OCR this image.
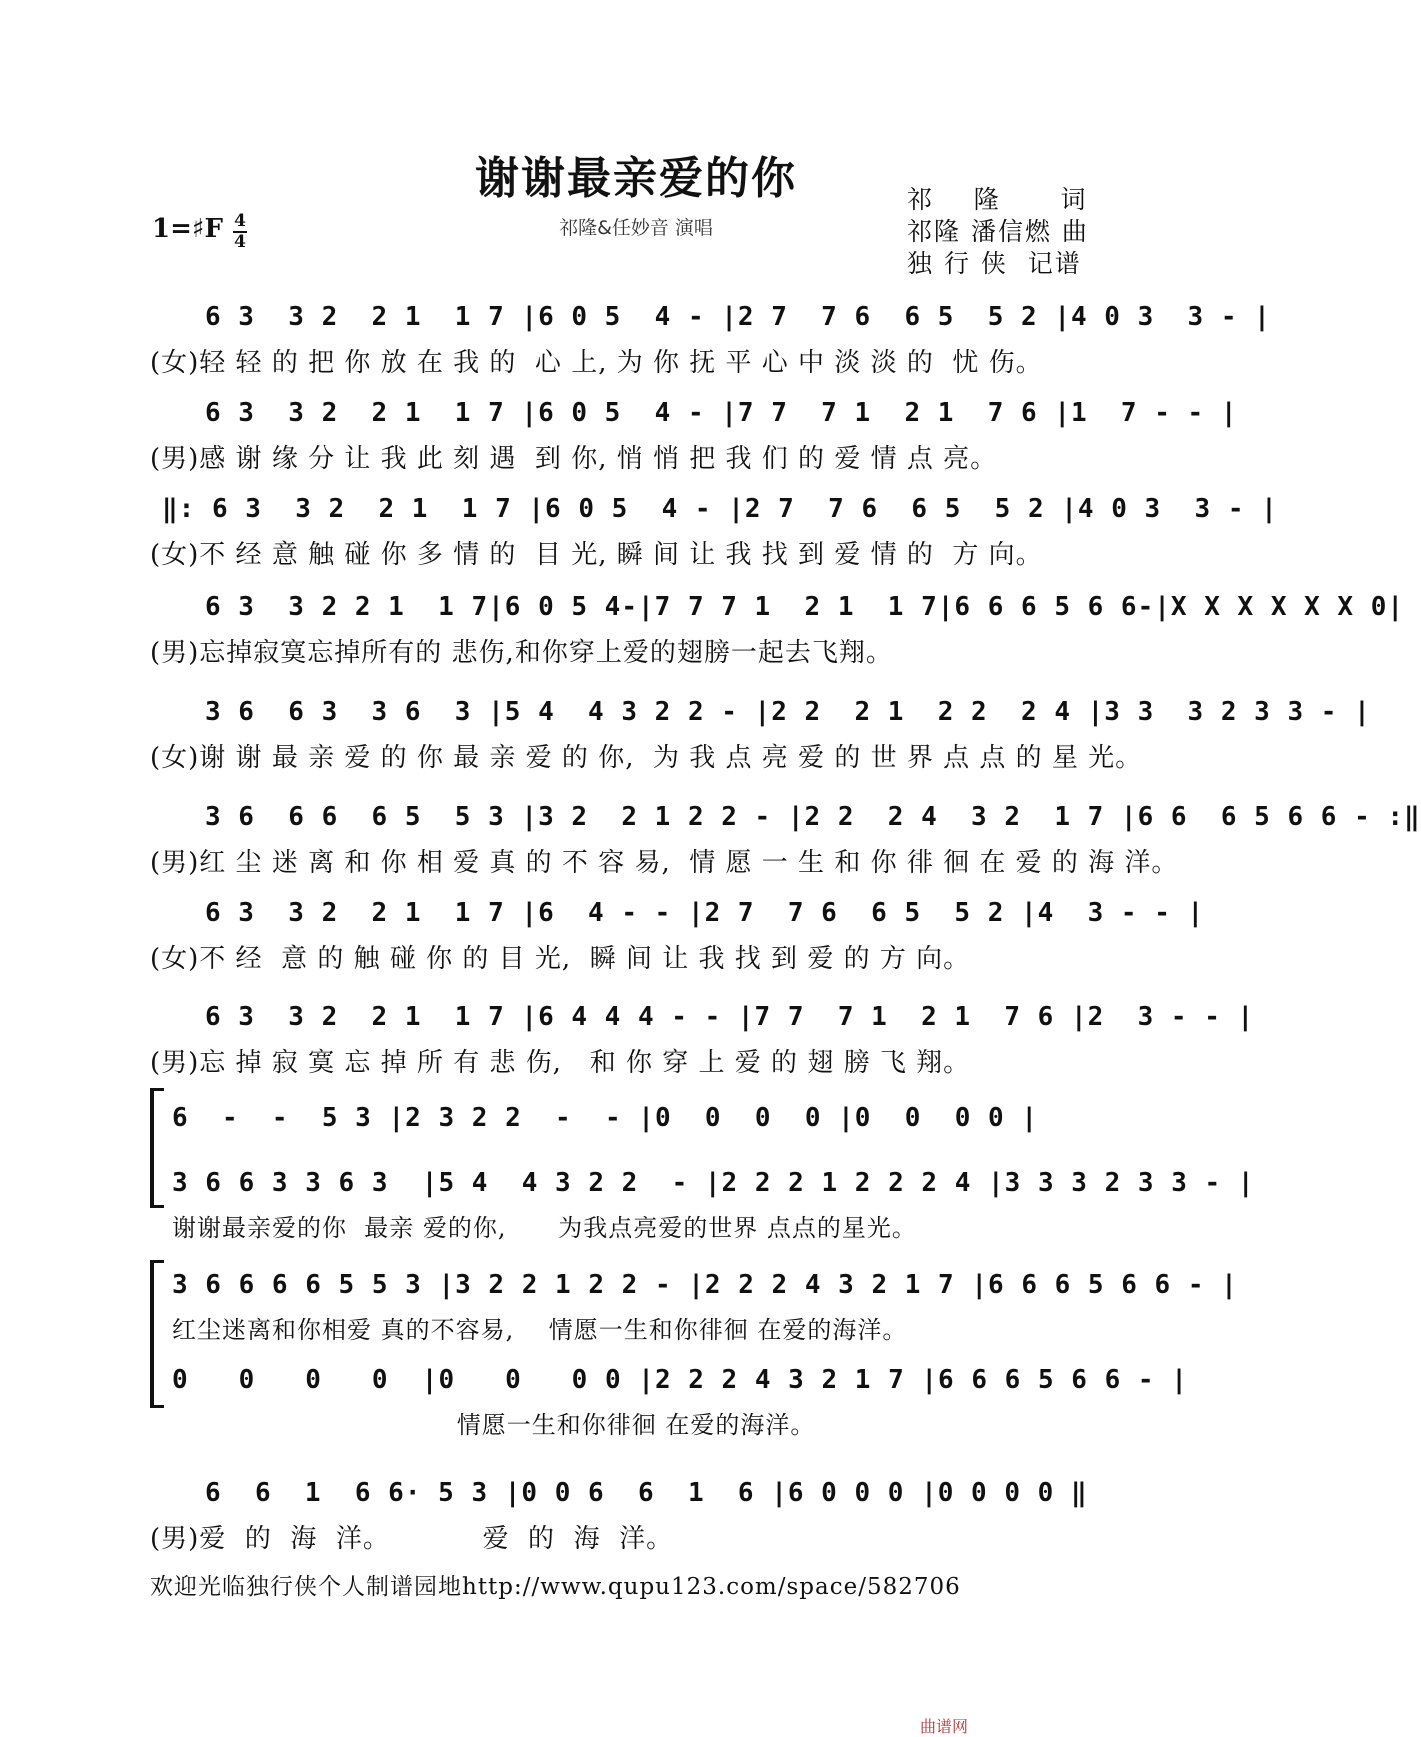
谢谢最亲爱的你
祁隆&任妙音 演唱
1=♯F 4
4
祁    隆      词
祁隆 潘信燃 曲
独 行 侠  记谱
6 3  3 2  2 1  1 7 |6 0 5  4 - |2 7  7 6  6 5  5 2 |4 0 3  3 - |
(女)轻 轻 的 把 你 放 在 我 的  心 上, 为 你 抚 平 心 中 淡 淡 的  忧 伤。
6 3  3 2  2 1  1 7 |6 0 5  4 - |7 7  7 1  2 1  7 6 |1  7 - - |
(男)感 谢 缘 分 让 我 此 刻 遇  到 你, 悄 悄 把 我 们 的 爱 情 点 亮。
‖: 6 3  3 2  2 1  1 7 |6 0 5  4 - |2 7  7 6  6 5  5 2 |4 0 3  3 - |
(女)不 经 意 触 碰 你 多 情 的  目 光, 瞬 间 让 我 找 到 爱 情 的  方 向。
6 3  3 2 2 1  1 7|6 0 5 4-|7 7 7 1  2 1  1 7|6 6 6 5 6 6-|X X X X X X 0|
(男)忘掉寂寞忘掉所有的 悲伤,和你穿上爱的翅膀一起去飞翔。
3 6  6 3  3 6  3 |5 4  4 3 2 2 - |2 2  2 1  2 2  2 4 |3 3  3 2 3 3 - |
(女)谢 谢 最 亲 爱 的 你 最 亲 爱 的 你,  为 我 点 亮 爱 的 世 界 点 点 的 星 光。
3 6  6 6  6 5  5 3 |3 2  2 1 2 2 - |2 2  2 4  3 2  1 7 |6 6  6 5 6 6 - :‖
(男)红 尘 迷 离 和 你 相 爱 真 的 不 容 易,  情 愿 一 生 和 你 徘 徊 在 爱 的 海 洋。
6 3  3 2  2 1  1 7 |6  4 - - |2 7  7 6  6 5  5 2 |4  3 - - |
(女)不 经  意 的 触 碰 你 的 目 光,  瞬 间 让 我 找 到 爱 的 方 向。
6 3  3 2  2 1  1 7 |6 4 4 4 - - |7 7  7 1  2 1  7 6 |2  3 - - |
(男)忘 掉 寂 寞 忘 掉 所 有 悲 伤,   和 你 穿 上 爱 的 翅 膀 飞 翔。
6  -  -  5 3 |2 3 2 2  -  - |0  0  0  0 |0  0  0 0 |
3 6 6 3 3 6 3  |5 4  4 3 2 2  - |2 2 2 1 2 2 2 4 |3 3 3 2 3 3 - |
谢谢最亲爱的你  最亲 爱的你,      为我点亮爱的世界 点点的星光。
3 6 6 6 6 5 5 3 |3 2 2 1 2 2 - |2 2 2 4 3 2 1 7 |6 6 6 5 6 6 - |
红尘迷离和你相爱 真的不容易,    情愿一生和你徘徊 在爱的海洋。
0   0   0   0  |0   0   0 0 |2 2 2 4 3 2 1 7 |6 6 6 5 6 6 - |
情愿一生和你徘徊 在爱的海洋。
6  6  1  6 6· 5 3 |0 0 6  6  1  6 |6 0 0 0 |0 0 0 0 ‖
(男)爱  的  海  洋。          爱  的  海  洋。
欢迎光临独行侠个人制谱园地http://www.qupu123.com/space/582706
曲谱网
